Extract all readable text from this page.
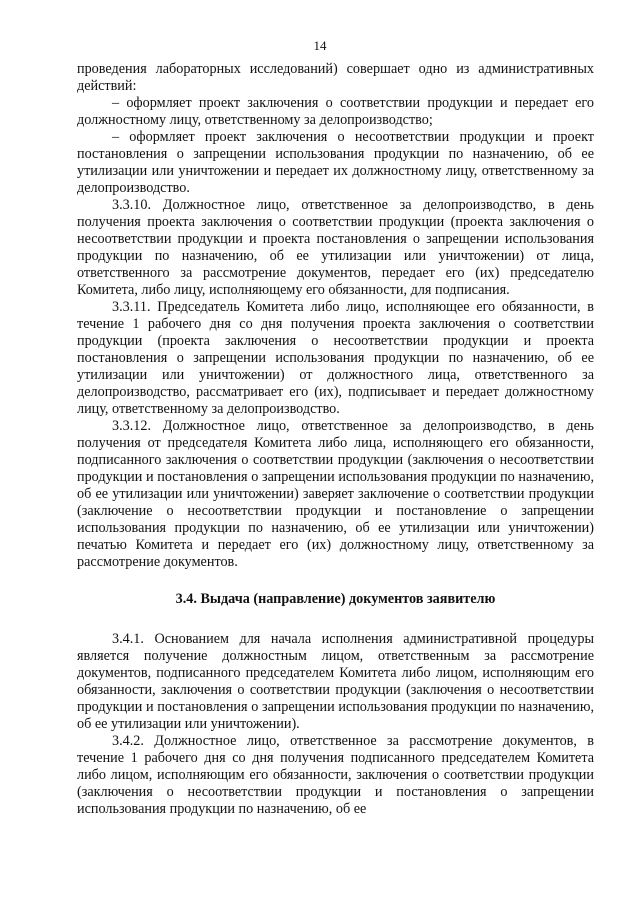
14

проведения лабораторных исследований) совершает одно из административных действий:

– оформляет проект заключения о соответствии продукции и передает его должностному лицу, ответственному за делопроизводство;

– оформляет проект заключения о несоответствии продукции и проект постановления о запрещении использования продукции по назначению, об ее утилизации или уничтожении и передает их должностному лицу, ответственному за делопроизводство.

3.3.10. Должностное лицо, ответственное за делопроизводство, в день получения проекта заключения о соответствии продукции (проекта заключения о несоответствии продукции и проекта постановления о запрещении использования продукции по назначению, об ее утилизации или уничтожении) от лица, ответственного за рассмотрение документов, передает его (их) председателю Комитета, либо лицу, исполняющему его обязанности, для подписания.

3.3.11. Председатель Комитета либо лицо, исполняющее его обязанности, в течение 1 рабочего дня со дня получения проекта заключения о соответствии продукции (проекта заключения о несоответствии продукции и проекта постановления о запрещении использования продукции по назначению, об ее утилизации или уничтожении) от должностного лица, ответственного за делопроизводство, рассматривает его (их), подписывает и передает должностному лицу, ответственному за делопроизводство.

3.3.12. Должностное лицо, ответственное за делопроизводство, в день получения от председателя Комитета либо лица, исполняющего его обязанности, подписанного заключения о соответствии продукции (заключения о несоответствии продукции и постановления о запрещении использования продукции по назначению, об ее утилизации или уничтожении) заверяет заключение о соответствии продукции (заключение о несоответствии продукции и постановление о запрещении использования продукции по назначению, об ее утилизации или уничтожении) печатью Комитета и передает его (их) должностному лицу, ответственному за рассмотрение документов.

3.4. Выдача (направление) документов заявителю

3.4.1. Основанием для начала исполнения административной процедуры является получение должностным лицом, ответственным за рассмотрение документов, подписанного председателем Комитета либо лицом, исполняющим его обязанности, заключения о соответствии продукции (заключения о несоответствии продукции и постановления о запрещении использования продукции по назначению, об ее утилизации или уничтожении).

3.4.2. Должностное лицо, ответственное за рассмотрение документов, в течение 1 рабочего дня со дня получения подписанного председателем Комитета либо лицом, исполняющим его обязанности, заключения о соответствии продукции (заключения о несоответствии продукции и постановления о запрещении использования продукции по назначению, об ее
